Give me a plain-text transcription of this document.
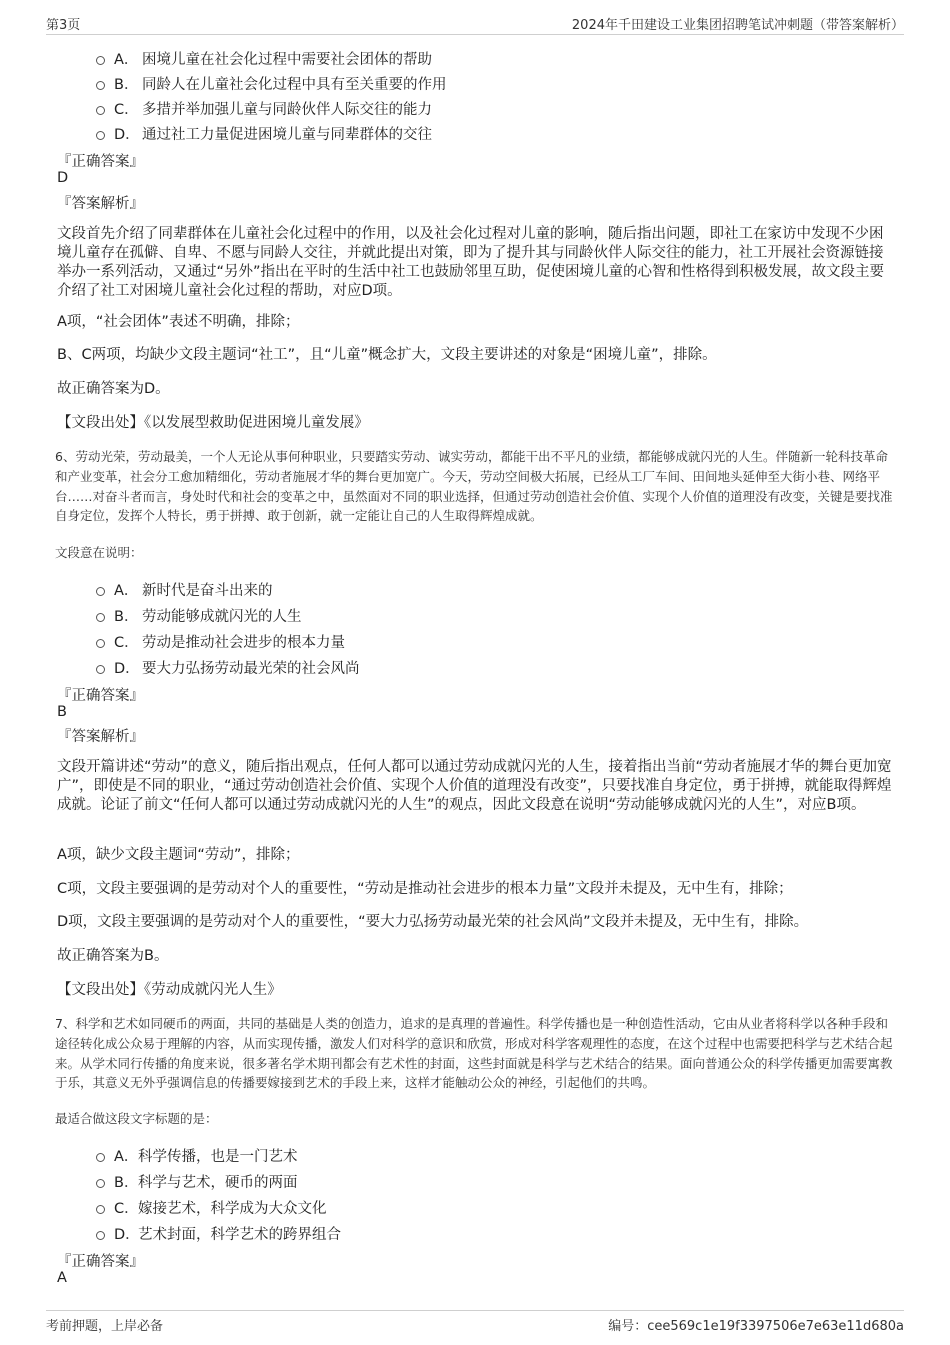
第3页	2024年千田建设工业集团招聘笔试冲刺题（带答案解析）
A． 困境儿童在社会化过程中需要社会团体的帮助
B． 同龄人在儿童社会化过程中具有至关重要的作用
C． 多措并举加强儿童与同龄伙伴人际交往的能力
D． 通过社工力量促进困境儿童与同辈群体的交往
『正确答案』
D
『答案解析』
文段首先介绍了同辈群体在儿童社会化过程中的作用，以及社会化过程对儿童的影响，随后指出问题，即社工在家访中发现不少困境儿童存在孤僻、自卑、不愿与同龄人交往，并就此提出对策，即为了提升其与同龄伙伴人际交往的能力，社工开展社会资源链接举办一系列活动，又通过“另外”指出在平时的生活中社工也鼓励邻里互助，促使困境儿童的心智和性格得到积极发展，故文段主要介绍了社工对困境儿童社会化过程的帮助，对应D项。
A项，“社会团体”表述不明确，排除；
B、C两项，均缺少文段主题词“社工”，且“儿童”概念扩大，文段主要讲述的对象是“困境儿童”，排除。
故正确答案为D。
【文段出处】《以发展型救助促进困境儿童发展》
6、劳动光荣，劳动最美，一个人无论从事何种职业，只要踏实劳动、诚实劳动，都能干出不平凡的业绩，都能够成就闪光的人生。伴随新一轮科技革命和产业变革，社会分工愈加精细化，劳动者施展才华的舞台更加宽广。今天，劳动空间极大拓展，已经从工厂车间、田间地头延伸至大街小巷、网络平台……对奋斗者而言，身处时代和社会的变革之中，虽然面对不同的职业选择，但通过劳动创造社会价值、实现个人价值的道理没有改变，关键是要找准自身定位，发挥个人特长，勇于拼搏、敢于创新，就一定能让自己的人生取得辉煌成就。
文段意在说明：
A． 新时代是奋斗出来的
B． 劳动能够成就闪光的人生
C． 劳动是推动社会进步的根本力量
D． 要大力弘扬劳动最光荣的社会风尚
『正确答案』
B
『答案解析』
文段开篇讲述“劳动”的意义，随后指出观点，任何人都可以通过劳动成就闪光的人生，接着指出当前“劳动者施展才华的舞台更加宽广”，即使是不同的职业，“通过劳动创造社会价值、实现个人价值的道理没有改变”，只要找准自身定位，勇于拼搏，就能取得辉煌成就。论证了前文“任何人都可以通过劳动成就闪光的人生”的观点，因此文段意在说明“劳动能够成就闪光的人生”，对应B项。
A项，缺少文段主题词“劳动”，排除；
C项，文段主要强调的是劳动对个人的重要性，“劳动是推动社会进步的根本力量”文段并未提及，无中生有，排除；
D项，文段主要强调的是劳动对个人的重要性，“要大力弘扬劳动最光荣的社会风尚”文段并未提及，无中生有，排除。
故正确答案为B。
【文段出处】《劳动成就闪光人生》
7、科学和艺术如同硬币的两面，共同的基础是人类的创造力，追求的是真理的普遍性。科学传播也是一种创造性活动，它由从业者将科学以各种手段和途径转化成公众易于理解的内容，从而实现传播，激发人们对科学的意识和欣赏，形成对科学客观理性的态度，在这个过程中也需要把科学与艺术结合起来。从学术同行传播的角度来说，很多著名学术期刊都会有艺术性的封面，这些封面就是科学与艺术结合的结果。面向普通公众的科学传播更加需要寓教于乐，其意义无外乎强调信息的传播要嫁接到艺术的手段上来，这样才能触动公众的神经，引起他们的共鸣。
最适合做这段文字标题的是：
A．科学传播，也是一门艺术
B．科学与艺术，硬币的两面
C．嫁接艺术，科学成为大众文化
D．艺术封面，科学艺术的跨界组合
『正确答案』
A
考前押题，上岸必备	编号：cee569c1e19f3397506e7e63e11d680a
